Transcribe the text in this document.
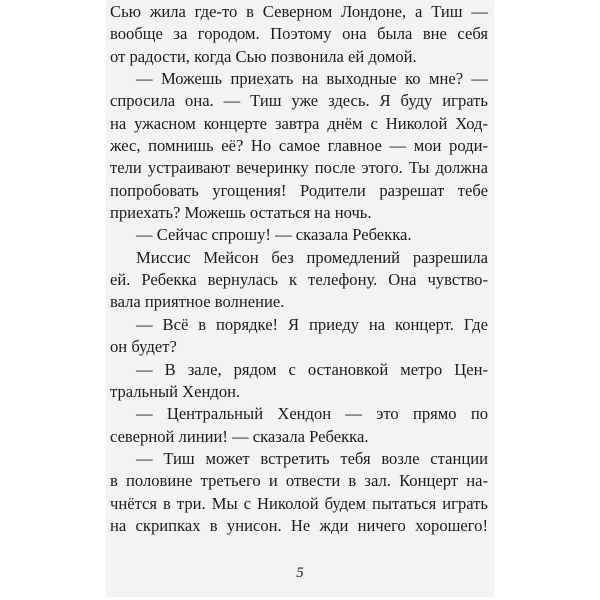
Сью жила где-то в Северном Лондоне, а Тиш —
вообще за городом. Поэтому она была вне себя
от радости, когда Сью позвонила ей домой.
— Можешь приехать на выходные ко мне? —
спросила она. — Тиш уже здесь. Я буду играть
на ужасном концерте завтра днём с Николой Ход-
жес, помнишь её? Но самое главное — мои роди-
тели устраивают вечеринку после этого. Ты должна
попробовать угощения! Родители разрешат тебе
приехать? Можешь остаться на ночь.
— Сейчас спрошу! — сказала Ребекка.
Миссис Мейсон без промедлений разрешила
ей. Ребекка вернулась к телефону. Она чувство-
вала приятное волнение.
— Всё в порядке! Я приеду на концерт. Где
он будет?
— В зале, рядом с остановкой метро Цен-
тральный Хендон.
— Центральный Хендон — это прямо по
северной линии! — сказала Ребекка.
— Тиш может встретить тебя возле станции
в половине третьего и отвести в зал. Концерт на-
чнётся в три. Мы с Николой будем пытаться играть
на скрипках в унисон. Не жди ничего хорошего!
5
